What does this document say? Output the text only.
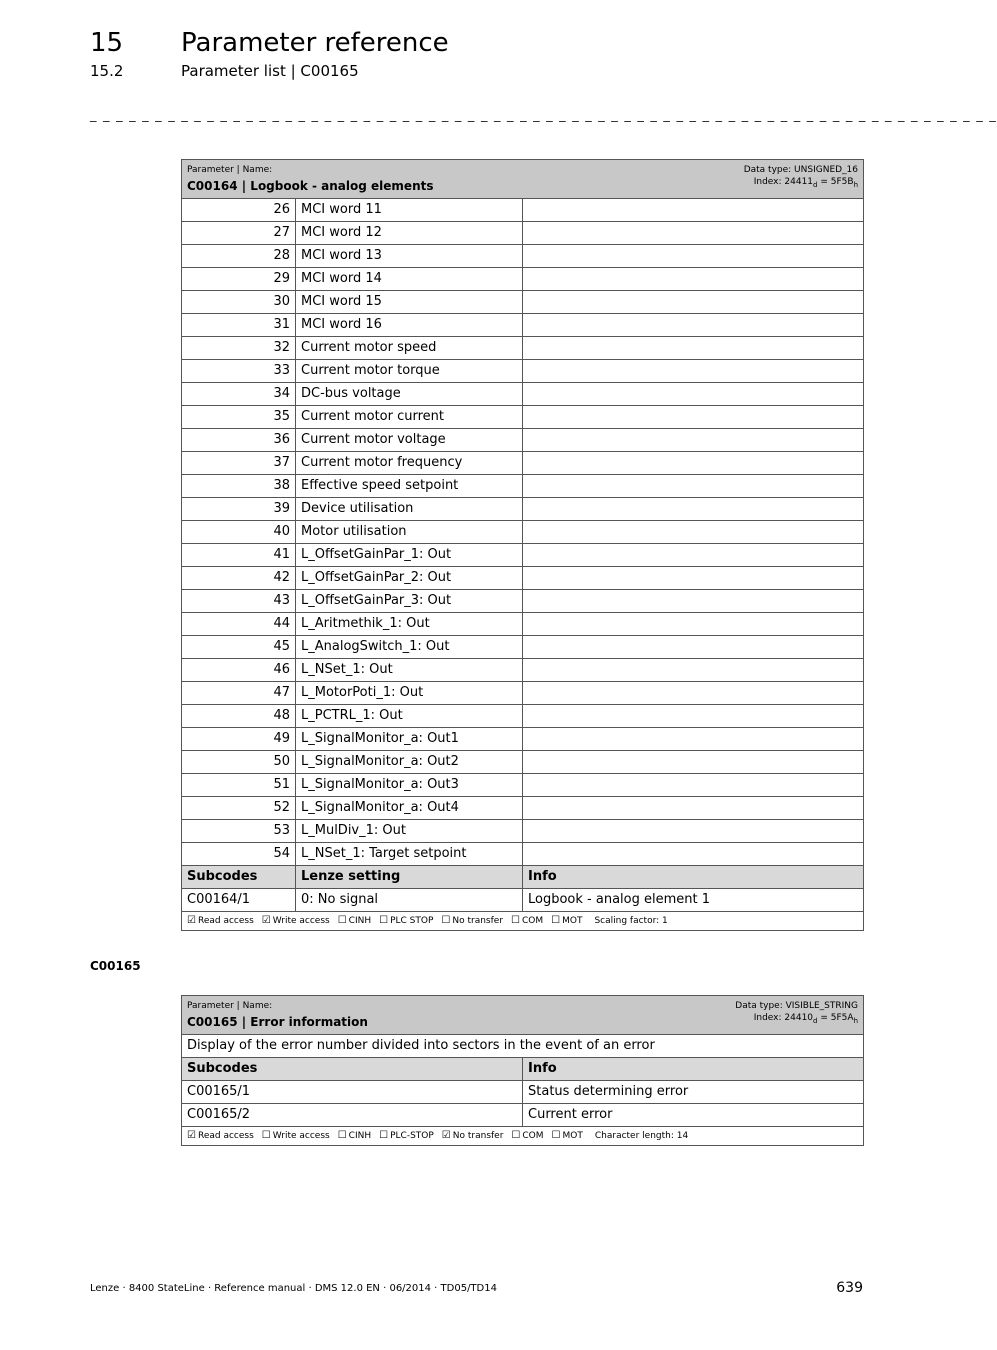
15 Parameter reference
15.2	Parameter list | C00165
_ _ _ _ _ _ _ _ _ _ _ _ _ _ _ _ _ _ _ _ _ _ _ _ _ _ _ _ _ _ _ _ _ _ _ _ _ _ _ _ _ _ _ _ _ _ _ _ _ _ _ _ _ _ _ _ _ _ _ _ _ _ _ _ _ _ _ _ _ _
Parameter | Name:
C00164 | Logbook - analog elements
Data type: UNSIGNED_16
Index: $24411_d = 5F5B_h$

26	MCI word 11	
27	MCI word 12	
28	MCI word 13	
29	MCI word 14	
30	MCI word 15	
31	MCI word 16	
32	Current motor speed	
33	Current motor torque	
34	DC-bus voltage	
35	Current motor current	
36	Current motor voltage	
37	Current motor frequency	
38	Effective speed setpoint	
39	Device utilisation	
40	Motor utilisation	
41	L_OffsetGainPar_1: Out	
42	L_OffsetGainPar_2: Out	
43	L_OffsetGainPar_3: Out	
44	L_Aritmethik_1: Out	
45	L_AnalogSwitch_1: Out	
46	L_NSet_1: Out	
47	L_MotorPoti_1: Out	
48	L_PCTRL_1: Out	
49	L_SignalMonitor_a: Out1	
50	L_SignalMonitor_a: Out2	
51	L_SignalMonitor_a: Out3	
52	L_SignalMonitor_a: Out4	
53	L_MulDiv_1: Out	
54	L_NSet_1: Target setpoint	
Subcodes	Lenze setting	Info
C00164/1	0: No signal	Logbook - analog element 1
☑ Read access ☑ Write access ☐ CINH ☐ PLC STOP ☐ No transfer ☐ COM ☐ MOT Scaling factor: 1		
C00165
Parameter | Name:
C00165 | Error information
Data type: VISIBLE_STRING
Index: $24410_d = 5F5A_h$

Display of the error number divided into sectors in the event of an error	
Subcodes	Info
C00165/1	Status determining error
C00165/2	Current error
☑ Read access ☐ Write access ☐ CINH ☐ PLC-STOP ☑ No transfer ☐ COM ☐ MOT Character length: 14	
Lenze · 8400 StateLine · Reference manual · DMS 12.0 EN · 06/2014 · TD05/TD14	639
